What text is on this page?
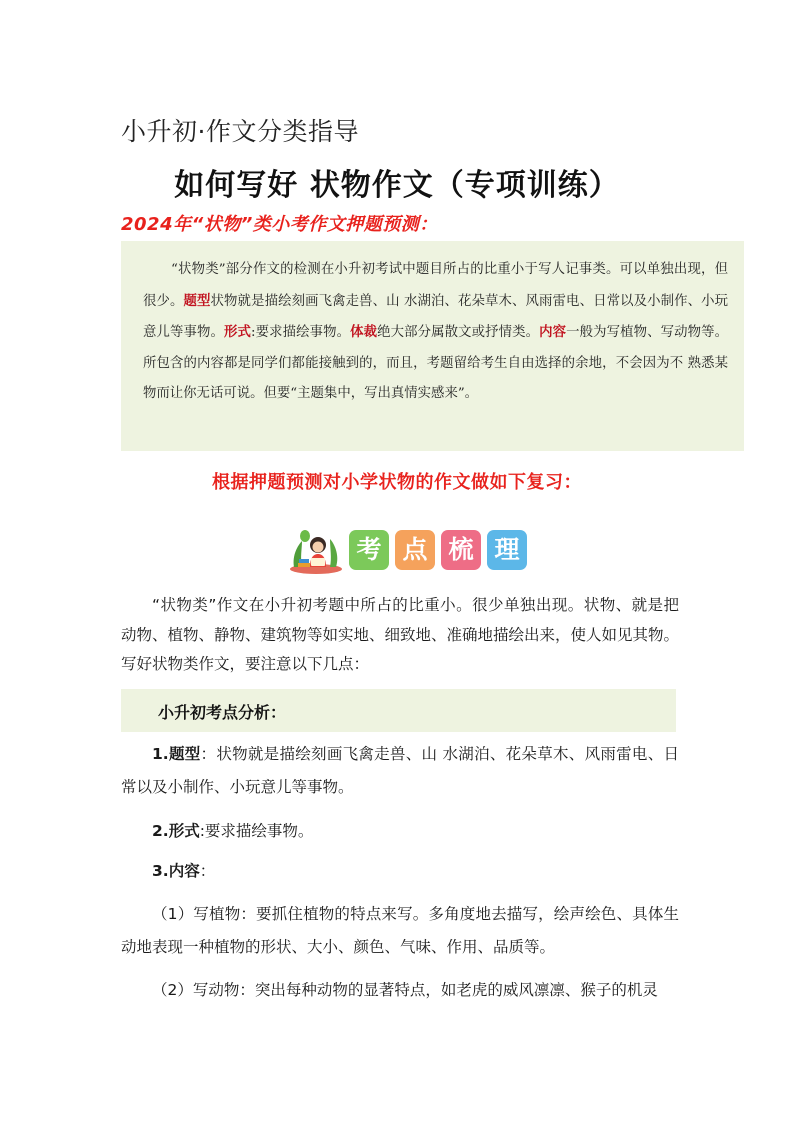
小升初·作文分类指导
如何写好 状物作文（专项训练）
2024年“状物”类小考作文押题预测：
“状物类”部分作文的检测在小升初考试中题目所占的比重小于写人记事类。可以单独出现，但很少。题型状物就是描绘刻画飞禽走兽、山 水湖泊、花朵草木、风雨雷电、日常以及小制作、小玩意儿等事物。形式:要求描绘事物。体裁绝大部分属散文或抒情类。内容一般为写植物、写动物等。所包含的内容都是同学们都能接触到的，而且，考题留给考生自由选择的余地，不会因为不 熟悉某物而让你无话可说。但要“主题集中，写出真情实感来”。
根据押题预测对小学状物的作文做如下复习：
考 点 梳 理
“状物类”作文在小升初考题中所占的比重小。很少单独出现。状物、就是把动物、植物、静物、建筑物等如实地、细致地、准确地描绘出来，使人如见其物。写好状物类作文，要注意以下几点：
小升初考点分析：
1.题型：状物就是描绘刻画飞禽走兽、山 水湖泊、花朵草木、风雨雷电、日常以及小制作、小玩意儿等事物。
2.形式:要求描绘事物。
3.内容：
（1）写植物：要抓住植物的特点来写。多角度地去描写，绘声绘色、具体生动地表现一种植物的形状、大小、颜色、气味、作用、品质等。
（2）写动物：突出每种动物的显著特点，如老虎的威风凛凛、猴子的机灵
